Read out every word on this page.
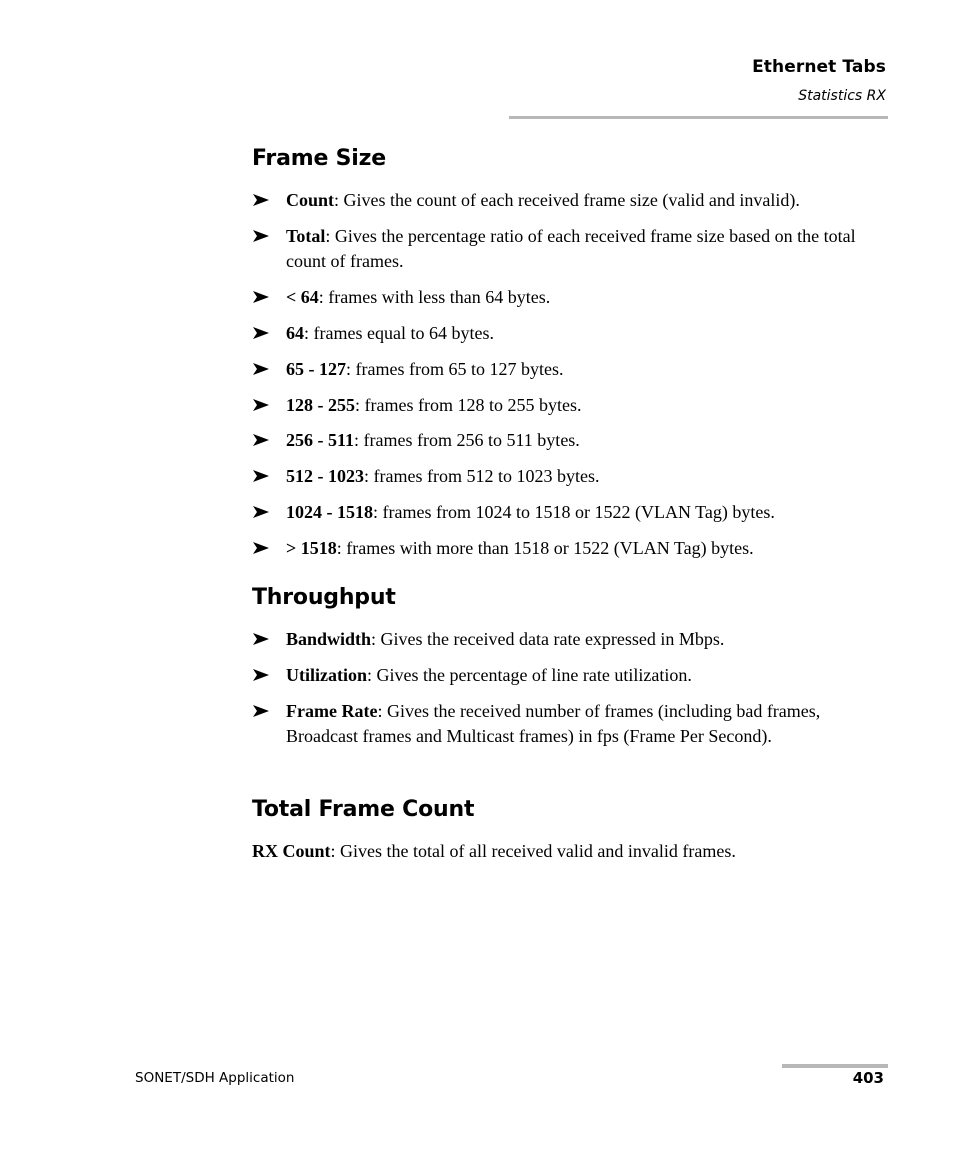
Ethernet Tabs
Statistics RX
Frame Size
Count: Gives the count of each received frame size (valid and invalid).
Total: Gives the percentage ratio of each received frame size based on the total count of frames.
< 64: frames with less than 64 bytes.
64: frames equal to 64 bytes.
65 - 127: frames from 65 to 127 bytes.
128 - 255: frames from 128 to 255 bytes.
256 - 511: frames from 256 to 511 bytes.
512 - 1023: frames from 512 to 1023 bytes.
1024 - 1518: frames from 1024 to 1518 or 1522 (VLAN Tag) bytes.
> 1518: frames with more than 1518 or 1522 (VLAN Tag) bytes.
Throughput
Bandwidth: Gives the received data rate expressed in Mbps.
Utilization: Gives the percentage of line rate utilization.
Frame Rate: Gives the received number of frames (including bad frames, Broadcast frames and Multicast frames) in fps (Frame Per Second).
Total Frame Count
RX Count: Gives the total of all received valid and invalid frames.
SONET/SDH Application	403
